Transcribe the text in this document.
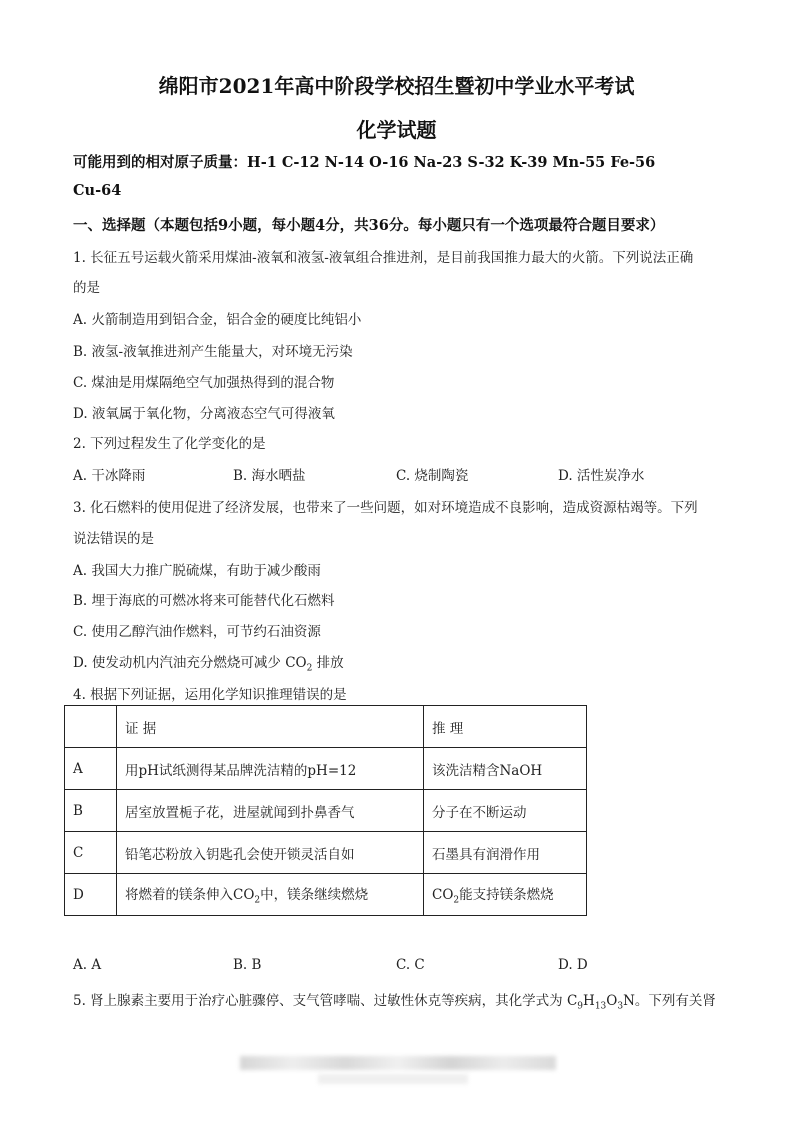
绵阳市2021年高中阶段学校招生暨初中学业水平考试
化学试题
可能用到的相对原子质量：H-1 C-12 N-14 O-16 Na-23 S-32 K-39 Mn-55 Fe-56
Cu-64
一、选择题（本题包括9小题，每小题4分，共36分。每小题只有一个选项最符合题目要求）
1. 长征五号运载火箭采用煤油-液氧和液氢-液氧组合推进剂，是目前我国推力最大的火箭。下列说法正确
的是
A. 火箭制造用到铝合金，铝合金的硬度比纯铝小
B. 液氢-液氧推进剂产生能量大，对环境无污染
C. 煤油是用煤隔绝空气加强热得到的混合物
D. 液氧属于氧化物，分离液态空气可得液氧
2. 下列过程发生了化学变化的是
A. 干冰降雨	B. 海水晒盐	C. 烧制陶瓷	D. 活性炭净水
3. 化石燃料的使用促进了经济发展，也带来了一些问题，如对环境造成不良影响，造成资源枯竭等。下列
说法错误的是
A. 我国大力推广脱硫煤，有助于减少酸雨
B. 埋于海底的可燃冰将来可能替代化石燃料
C. 使用乙醇汽油作燃料，可节约石油资源
D. 使发动机内汽油充分燃烧可减少 $CO_2$ 排放
4. 根据下列证据，运用化学知识推理错误的是
	证 据	推 理
A	用pH试纸测得某品牌洗洁精的pH=12	该洗洁精含NaOH
B	居室放置栀子花，进屋就闻到扑鼻香气	分子在不断运动
C	铅笔芯粉放入钥匙孔会使开锁灵活自如	石墨具有润滑作用
D	将燃着的镁条伸入$CO_2$中，镁条继续燃烧	$CO_2$能支持镁条燃烧
A. A	B. B	C. C	D. D
5. 肾上腺素主要用于治疗心脏骤停、支气管哮喘、过敏性休克等疾病，其化学式为 $C_9H_{13}O_3N$。下列有关肾
